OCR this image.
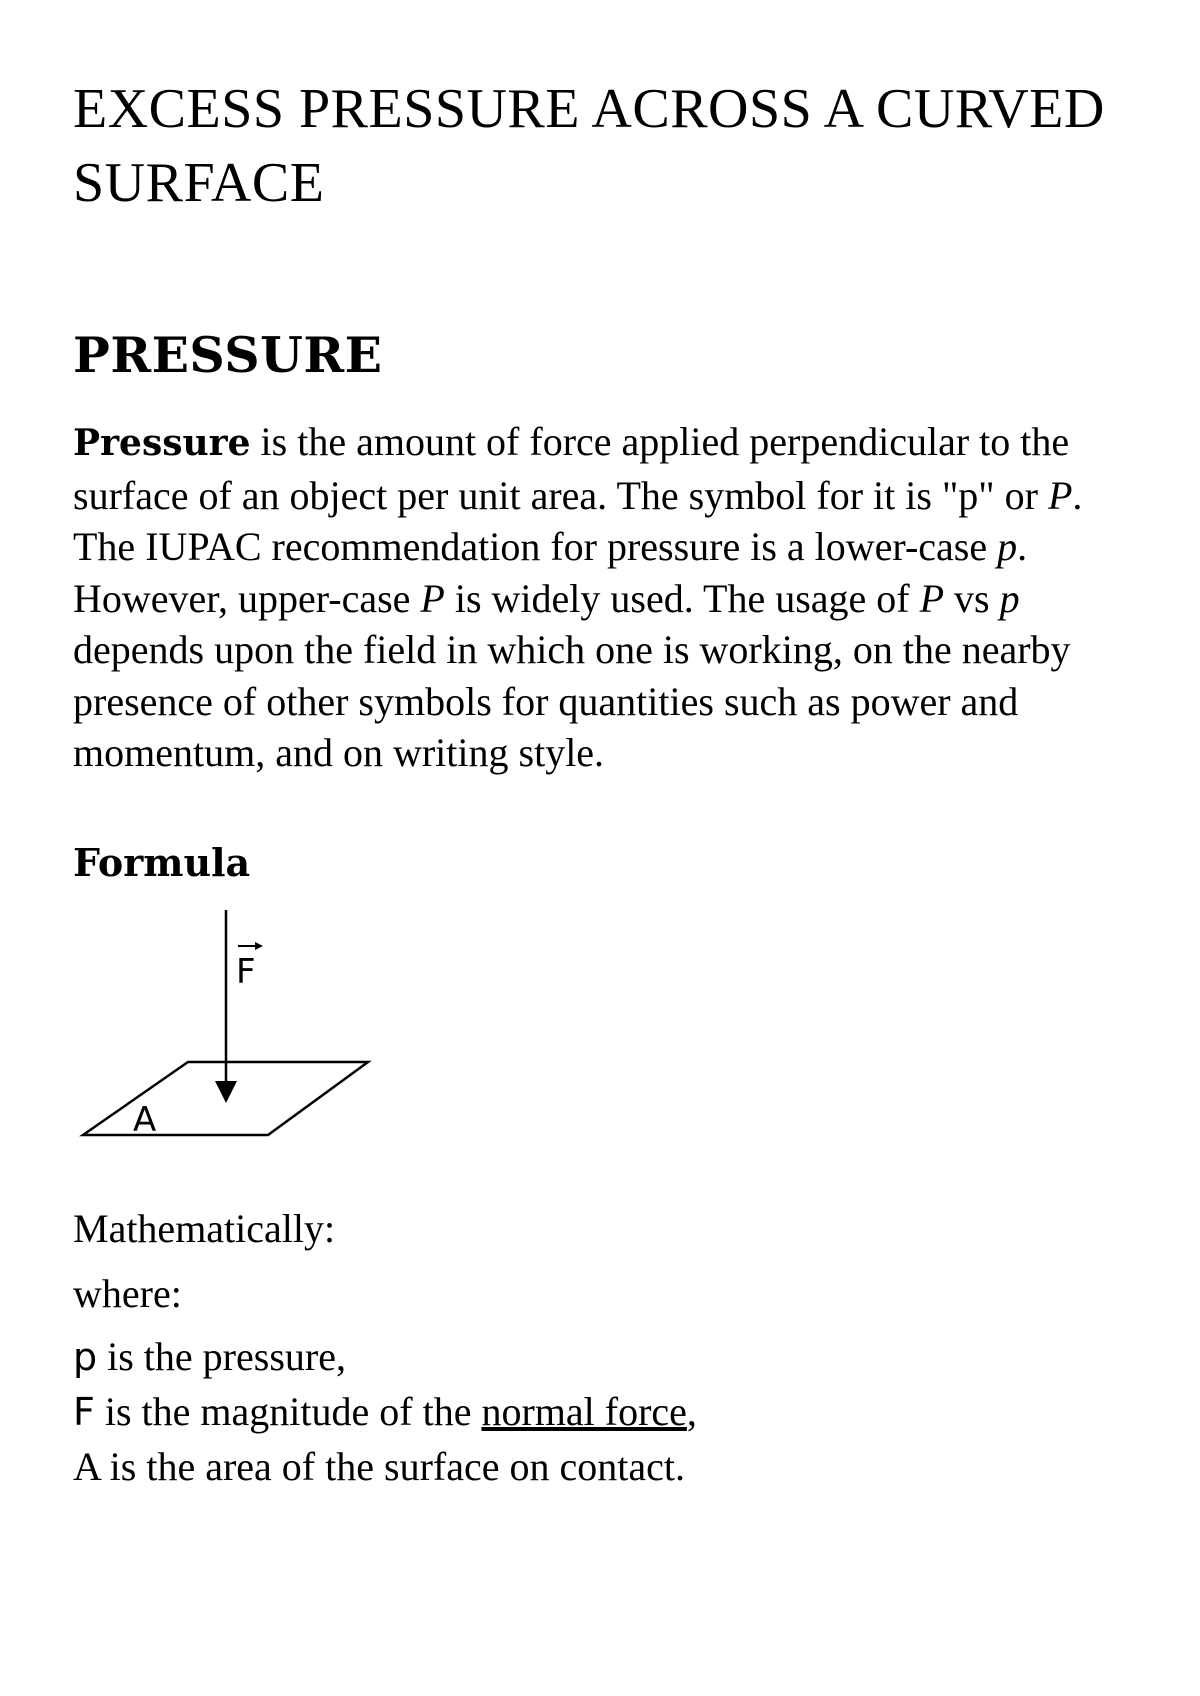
EXCESS PRESSURE ACROSS A CURVED SURFACE
PRESSURE

Pressure is the amount of force applied perpendicular to the surface of an object per unit area. The symbol for it is "p" or P. The IUPAC recommendation for pressure is a lower-case p. However, upper-case P is widely used. The usage of P vs p depends upon the field in which one is working, on the nearby presence of other symbols for quantities such as power and momentum, and on writing style.

Formula
F
A

Mathematically:

where:

p is the pressure,

F is the magnitude of the normal force,

A is the area of the surface on contact.
